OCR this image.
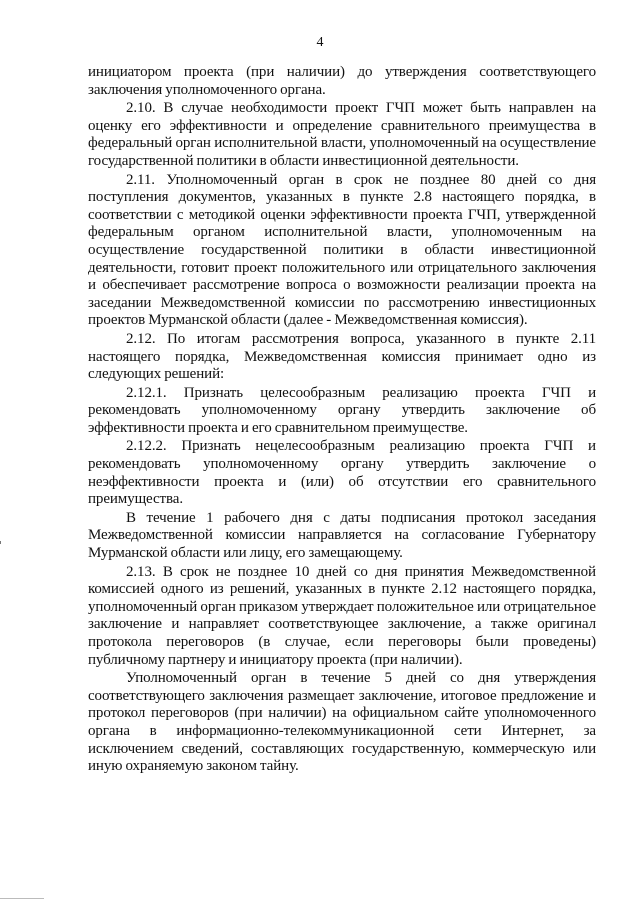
4

инициатором проекта (при наличии) до утверждения соответствующего заключения уполномоченного органа.

2.10. В случае необходимости проект ГЧП может быть направлен на оценку его эффективности и определение сравнительного преимущества в федеральный орган исполнительной власти, уполномоченный на осуществление государственной политики в области инвестиционной деятельности.

2.11. Уполномоченный орган в срок не позднее 80 дней со дня поступления документов, указанных в пункте 2.8 настоящего порядка, в соответствии с методикой оценки эффективности проекта ГЧП, утвержденной федеральным органом исполнительной власти, уполномоченным на осуществление государственной политики в области инвестиционной деятельности, готовит проект положительного или отрицательного заключения и обеспечивает рассмотрение вопроса о возможности реализации проекта на заседании Межведомственной комиссии по рассмотрению инвестиционных проектов Мурманской области (далее - Межведомственная комиссия).

2.12. По итогам рассмотрения вопроса, указанного в пункте 2.11 настоящего порядка, Межведомственная комиссия принимает одно из следующих решений:

2.12.1. Признать целесообразным реализацию проекта ГЧП и рекомендовать уполномоченному органу утвердить заключение об эффективности проекта и его сравнительном преимуществе.

2.12.2. Признать нецелесообразным реализацию проекта ГЧП и рекомендовать уполномоченному органу утвердить заключение о неэффективности проекта и (или) об отсутствии его сравнительного преимущества.

В течение 1 рабочего дня с даты подписания протокол заседания Межведомственной комиссии направляется на согласование Губернатору Мурманской области или лицу, его замещающему.

2.13. В срок не позднее 10 дней со дня принятия Межведомственной комиссией одного из решений, указанных в пункте 2.12 настоящего порядка, уполномоченный орган приказом утверждает положительное или отрицательное заключение и направляет соответствующее заключение, а также оригинал протокола переговоров (в случае, если переговоры были проведены) публичному партнеру и инициатору проекта (при наличии).

Уполномоченный орган в течение 5 дней со дня утверждения соответствующего заключения размещает заключение, итоговое предложение и протокол переговоров (при наличии) на официальном сайте уполномоченного органа в информационно-телекоммуникационной сети Интернет, за исключением сведений, составляющих государственную, коммерческую или иную охраняемую законом тайну.
